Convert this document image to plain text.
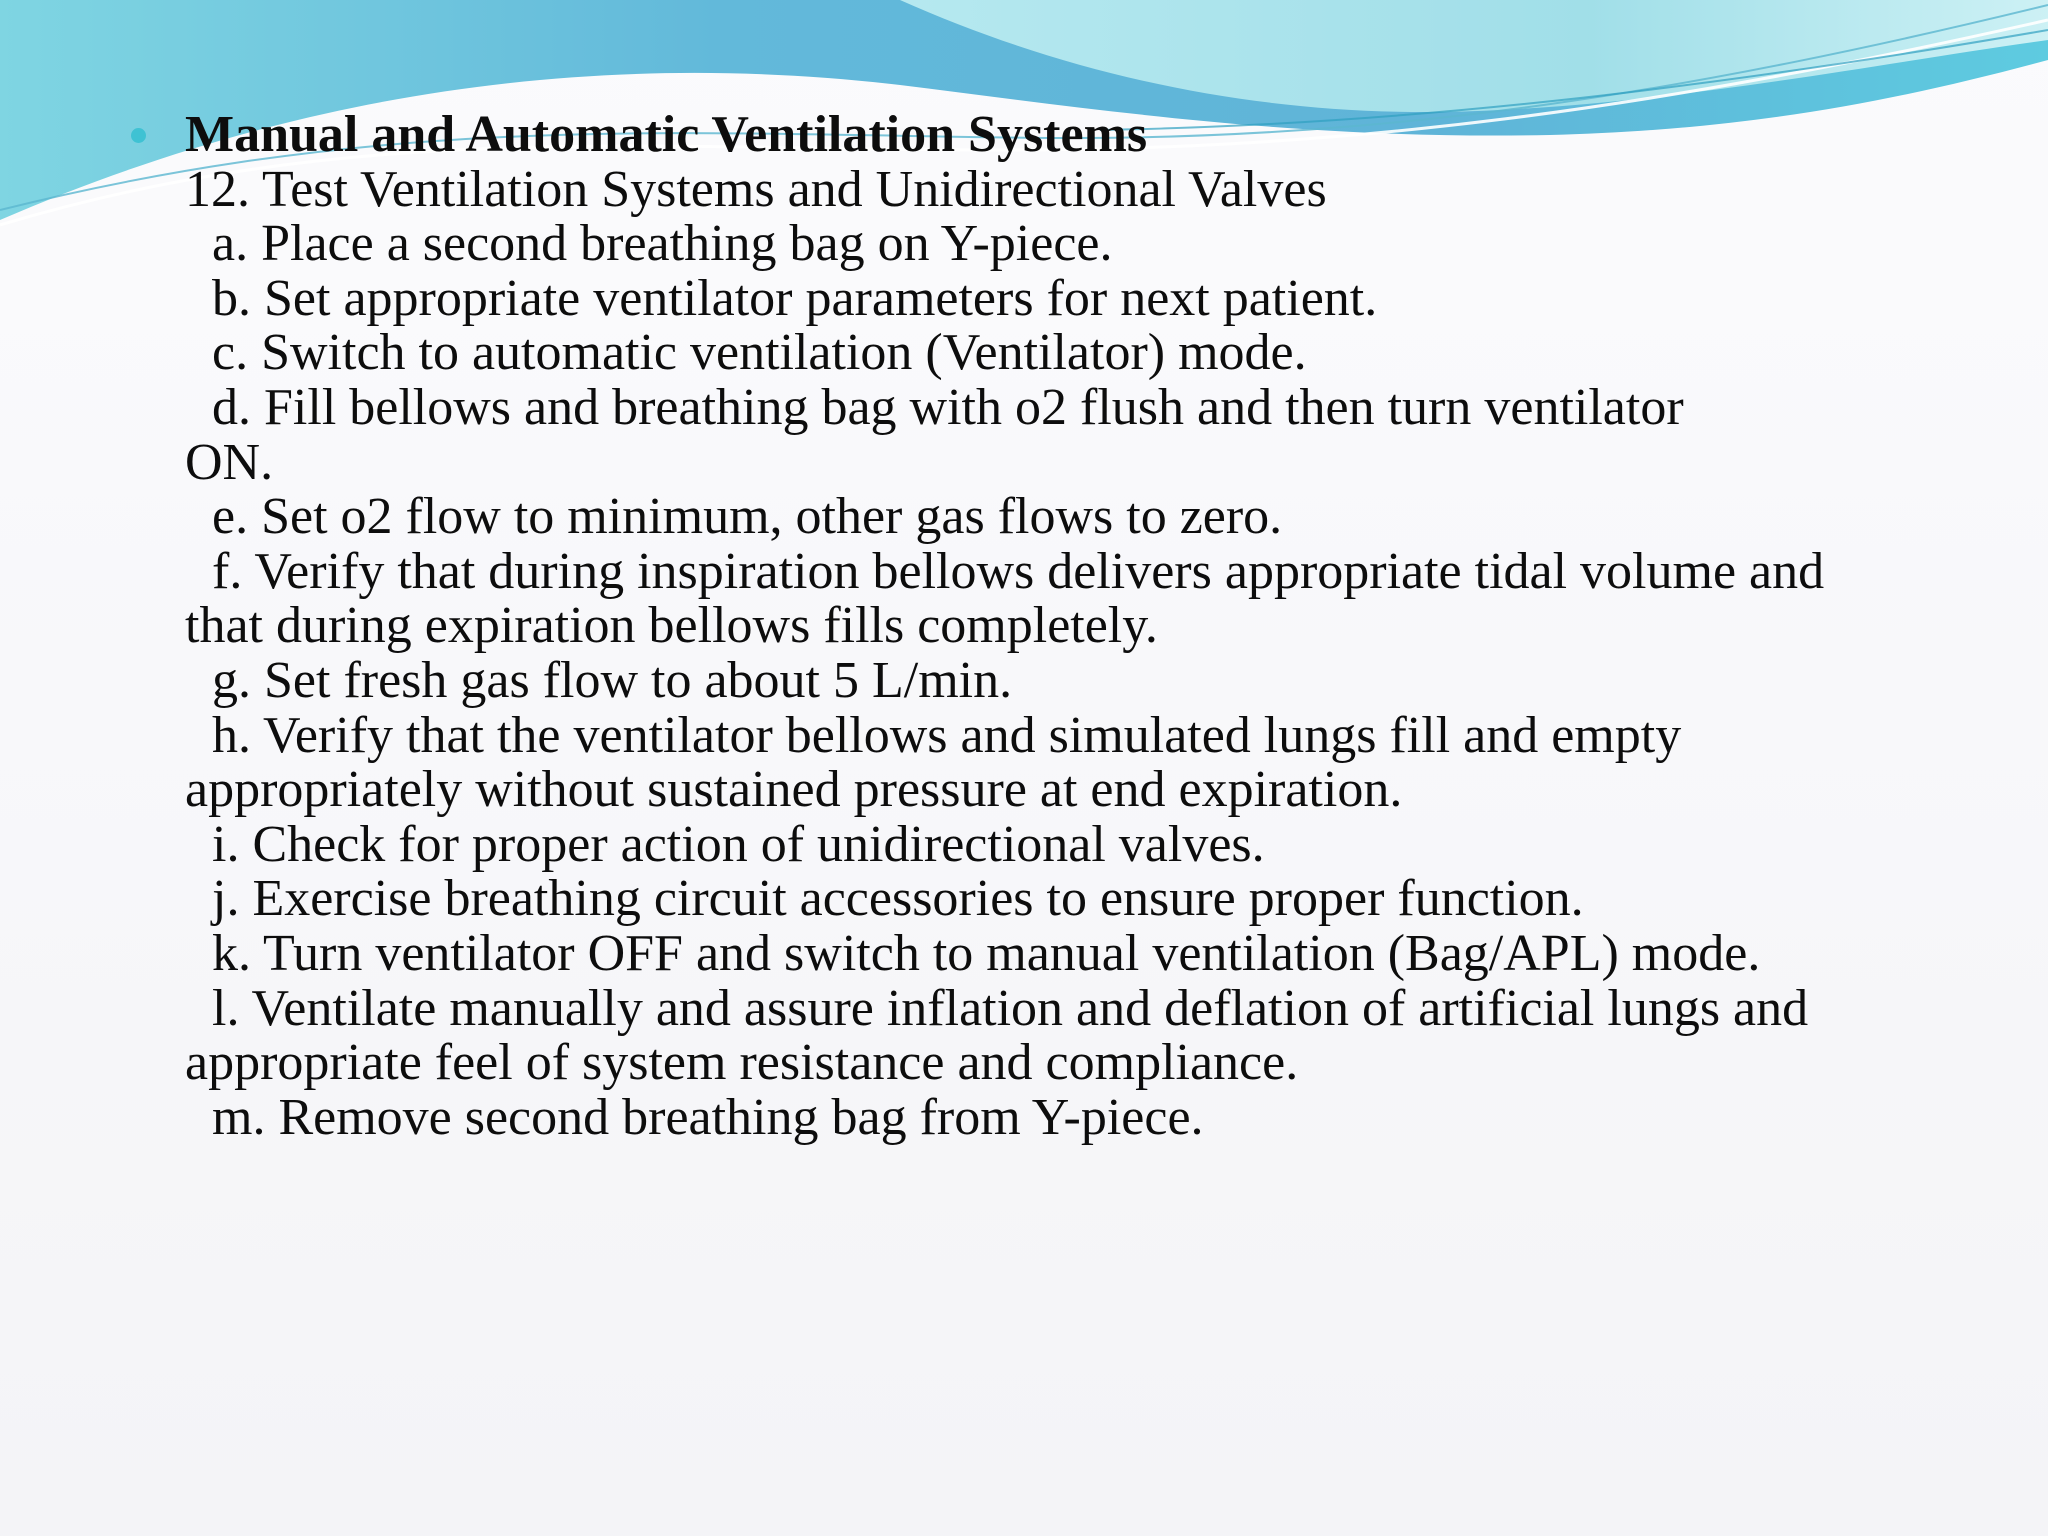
Manual and Automatic Ventilation Systems
12. Test Ventilation Systems and Unidirectional Valves
a. Place a second breathing bag on Y-piece.
b. Set appropriate ventilator parameters for next patient.
c. Switch to automatic ventilation (Ventilator) mode.
d. Fill bellows and breathing bag with o2 flush and then turn ventilator ON.
e. Set o2 flow to minimum, other gas flows to zero.
f. Verify that during inspiration bellows delivers appropriate tidal volume and that during expiration bellows fills completely.
g. Set fresh gas flow to about 5 L/min.
h. Verify that the ventilator bellows and simulated lungs fill and empty appropriately without sustained pressure at end expiration.
i. Check for proper action of unidirectional valves.
j. Exercise breathing circuit accessories to ensure proper function.
k. Turn ventilator OFF and switch to manual ventilation (Bag/APL) mode.
l. Ventilate manually and assure inflation and deflation of artificial lungs and appropriate feel of system resistance and compliance.
m. Remove second breathing bag from Y-piece.
